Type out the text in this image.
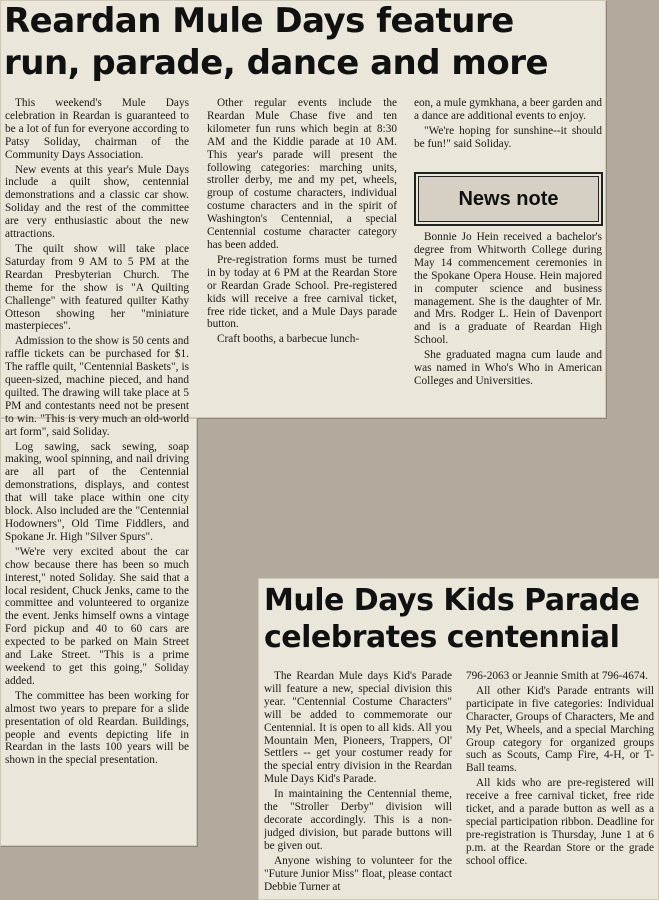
Reardan Mule Days feature
run, parade, dance and more

This weekend's Mule Days celebration in Reardan is guaranteed to be a lot of fun for everyone according to Patsy Soliday, chairman of the Community Days Association.

New events at this year's Mule Days include a quilt show, centennial demonstrations and a classic car show. Soliday and the rest of the committee are very enthusiastic about the new attractions.

The quilt show will take place Saturday from 9 AM to 5 PM at the Reardan Presbyterian Church. The theme for the show is "A Quilting Challenge" with featured quilter Kathy Otteson showing her "miniature masterpieces".

Admission to the show is 50 cents and raffle tickets can be purchased for $1. The raffle quilt, "Centennial Baskets", is queen-sized, machine pieced, and hand quilted. The drawing will take place at 5 PM and contestants need not be present to win. "This is very much an old-world art form", said Soliday.

Log sawing, sack sewing, soap making, wool spinning, and nail driving are all part of the Centennial demonstrations, displays, and contest that will take place within one city block. Also included are the "Centennial Hodowners", Old Time Fiddlers, and Spokane Jr. High "Silver Spurs".

"We're very excited about the car chow because there has been so much interest," noted Soliday. She said that a local resident, Chuck Jenks, came to the committee and volunteered to organize the event. Jenks himself owns a vintage Ford pickup and 40 to 60 cars are expected to be parked on Main Street and Lake Street. "This is a prime weekend to get this going," Soliday added.

The committee has been working for almost two years to prepare for a slide presentation of old Reardan. Buildings, people and events depicting life in Reardan in the lasts 100 years will be shown in the special presentation.

Other regular events include the Reardan Mule Chase five and ten kilometer fun runs which begin at 8:30 AM and the Kiddie parade at 10 AM. This year's parade will present the following categories: marching units, stroller derby, me and my pet, wheels, group of costume characters, individual costume characters and in the spirit of Washington's Centennial, a special Centennial costume character category has been added.

Pre-registration forms must be turned in by today at 6 PM at the Reardan Store or Reardan Grade School. Pre-registered kids will receive a free carnival ticket, free ride ticket, and a Mule Days parade button.

Craft booths, a barbecue lunch-

eon, a mule gymkhana, a beer garden and a dance are additional events to enjoy.

"We're hoping for sunshine--it should be fun!" said Soliday.

News note

Bonnie Jo Hein received a bachelor's degree from Whitworth College during May 14 commencement ceremonies in the Spokane Opera House. Hein majored in computer science and business management. She is the daughter of Mr. and Mrs. Rodger L. Hein of Davenport and is a graduate of Reardan High School.

She graduated magna cum laude and was named in Who's Who in American Colleges and Universities.

Mule Days Kids Parade
celebrates centennial

The Reardan Mule days Kid's Parade will feature a new, special division this year. "Centennial Costume Characters" will be added to commemorate our Centennial. It is open to all kids. All you Mountain Men, Pioneers, Trappers, Ol' Settlers -- get your costumer ready for the special entry division in the Reardan Mule Days Kid's Parade.

In maintaining the Centennial theme, the "Stroller Derby" division will decorate accordingly. This is a non-judged division, but parade buttons will be given out.

Anyone wishing to volunteer for the "Future Junior Miss" float, please contact Debbie Turner at

796-2063 or Jeannie Smith at 796-4674.

All other Kid's Parade entrants will participate in five categories: Individual Character, Groups of Characters, Me and My Pet, Wheels, and a special Marching Group category for organized groups such as Scouts, Camp Fire, 4-H, or T-Ball teams.

All kids who are pre-registered will receive a free carnival ticket, free ride ticket, and a parade button as well as a special participation ribbon. Deadline for pre-registration is Thursday, June 1 at 6 p.m. at the Reardan Store or the grade school office.
